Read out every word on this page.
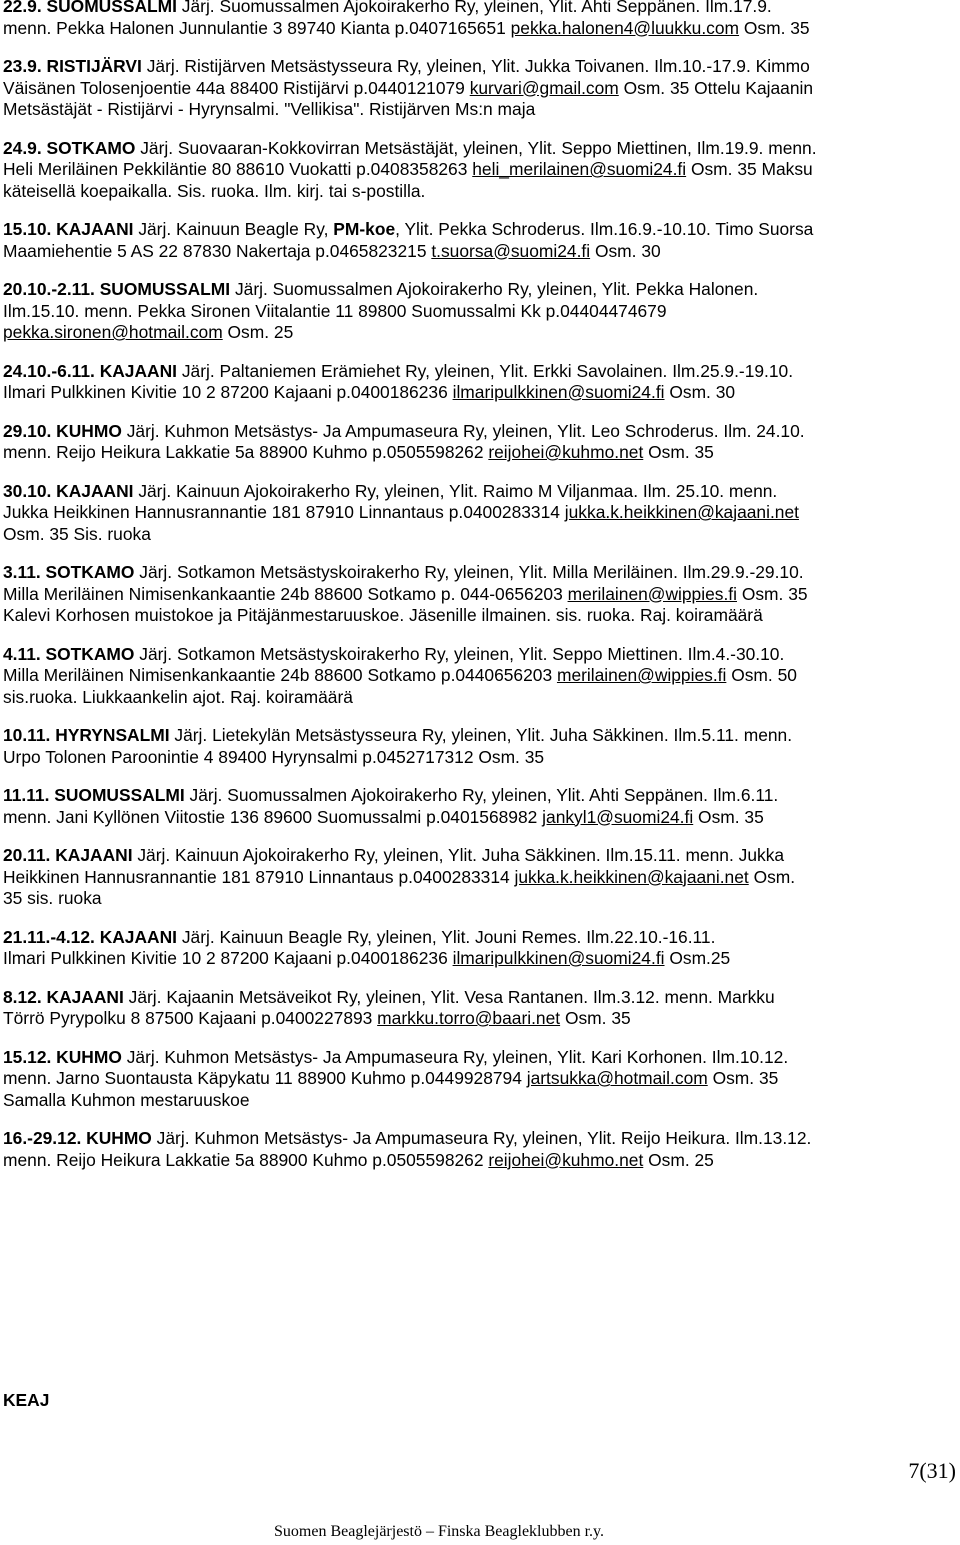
22.9. SUOMUSSALMI Järj. Suomussalmen Ajokoirakerho Ry, yleinen, Ylit. Ahti Seppänen. Ilm.17.9.
menn. Pekka Halonen Junnulantie 3 89740 Kianta p.0407165651 pekka.halonen4@luukku.com Osm. 35
23.9. RISTIJÄRVI Järj. Ristijärven Metsästysseura Ry, yleinen, Ylit. Jukka Toivanen. Ilm.10.-17.9. Kimmo
Väisänen Tolosenjoentie 44a 88400 Ristijärvi p.0440121079 kurvari@gmail.com Osm. 35 Ottelu Kajaanin
Metsästäjät - Ristijärvi - Hyrynsalmi. "Vellikisa". Ristijärven Ms:n maja
24.9. SOTKAMO Järj. Suovaaran-Kokkovirran Metsästäjät, yleinen, Ylit. Seppo Miettinen, Ilm.19.9. menn.
Heli Meriläinen Pekkiläntie 80 88610 Vuokatti p.0408358263 heli_merilainen@suomi24.fi Osm. 35 Maksu
käteisellä koepaikalla. Sis. ruoka. Ilm. kirj. tai s-postilla.
15.10. KAJAANI Järj. Kainuun Beagle Ry, PM-koe, Ylit. Pekka Schroderus. Ilm.16.9.-10.10. Timo Suorsa
Maamiehentie 5 AS 22 87830 Nakertaja p.0465823215 t.suorsa@suomi24.fi Osm. 30
20.10.-2.11. SUOMUSSALMI Järj. Suomussalmen Ajokoirakerho Ry, yleinen, Ylit. Pekka Halonen.
Ilm.15.10. menn. Pekka Sironen Viitalantie 11 89800 Suomussalmi Kk p.04404474679
pekka.sironen@hotmail.com Osm. 25
24.10.-6.11. KAJAANI Järj. Paltaniemen Erämiehet Ry, yleinen, Ylit. Erkki Savolainen. Ilm.25.9.-19.10.
Ilmari Pulkkinen Kivitie 10 2 87200 Kajaani p.0400186236 ilmaripulkkinen@suomi24.fi Osm. 30
29.10. KUHMO Järj. Kuhmon Metsästys- Ja Ampumaseura Ry, yleinen, Ylit. Leo Schroderus. Ilm. 24.10.
menn. Reijo Heikura Lakkatie 5a 88900 Kuhmo p.0505598262 reijohei@kuhmo.net Osm. 35
30.10. KAJAANI Järj. Kainuun Ajokoirakerho Ry, yleinen, Ylit. Raimo M Viljanmaa. Ilm. 25.10. menn.
Jukka Heikkinen Hannusrannantie 181 87910 Linnantaus p.0400283314 jukka.k.heikkinen@kajaani.net
Osm. 35 Sis. ruoka
3.11. SOTKAMO Järj. Sotkamon Metsästyskoirakerho Ry, yleinen, Ylit. Milla Meriläinen. Ilm.29.9.-29.10.
Milla Meriläinen Nimisenkankaantie 24b 88600 Sotkamo p. 044-0656203 merilainen@wippies.fi Osm. 35
Kalevi Korhosen muistokoe ja Pitäjänmestaruuskoe. Jäsenille ilmainen. sis. ruoka. Raj. koiramäärä
4.11. SOTKAMO Järj. Sotkamon Metsästyskoirakerho Ry, yleinen, Ylit. Seppo Miettinen. Ilm.4.-30.10.
Milla Meriläinen Nimisenkankaantie 24b 88600 Sotkamo p.0440656203 merilainen@wippies.fi Osm. 50
sis.ruoka. Liukkaankelin ajot. Raj. koiramäärä
10.11. HYRYNSALMI Järj. Lietekylän Metsästysseura Ry, yleinen, Ylit. Juha Säkkinen. Ilm.5.11. menn.
Urpo Tolonen Paroonintie 4 89400 Hyrynsalmi p.0452717312 Osm. 35
11.11. SUOMUSSALMI Järj. Suomussalmen Ajokoirakerho Ry, yleinen, Ylit. Ahti Seppänen. Ilm.6.11.
menn. Jani Kyllönen Viitostie 136 89600 Suomussalmi p.0401568982 jankyl1@suomi24.fi Osm. 35
20.11. KAJAANI Järj. Kainuun Ajokoirakerho Ry, yleinen, Ylit. Juha Säkkinen. Ilm.15.11. menn. Jukka
Heikkinen Hannusrannantie 181 87910 Linnantaus p.0400283314 jukka.k.heikkinen@kajaani.net Osm.
35 sis. ruoka
21.11.-4.12. KAJAANI Järj. Kainuun Beagle Ry, yleinen, Ylit. Jouni Remes. Ilm.22.10.-16.11.
Ilmari Pulkkinen Kivitie 10 2 87200 Kajaani p.0400186236 ilmaripulkkinen@suomi24.fi Osm.25
8.12. KAJAANI Järj. Kajaanin Metsäveikot Ry, yleinen, Ylit. Vesa Rantanen. Ilm.3.12. menn. Markku
Törrö Pyrypolku 8 87500 Kajaani p.0400227893 markku.torro@baari.net Osm. 35
15.12. KUHMO Järj. Kuhmon Metsästys- Ja Ampumaseura Ry, yleinen, Ylit. Kari Korhonen. Ilm.10.12.
menn. Jarno Suontausta Käpykatu 11 88900 Kuhmo p.0449928794 jartsukka@hotmail.com Osm. 35
Samalla Kuhmon mestaruuskoe
16.-29.12. KUHMO Järj. Kuhmon Metsästys- Ja Ampumaseura Ry, yleinen, Ylit. Reijo Heikura. Ilm.13.12.
menn. Reijo Heikura Lakkatie 5a 88900 Kuhmo p.0505598262 reijohei@kuhmo.net Osm. 25
KEAJ
7(31)
Suomen Beaglejärjestö – Finska Beagleklubben r.y.
